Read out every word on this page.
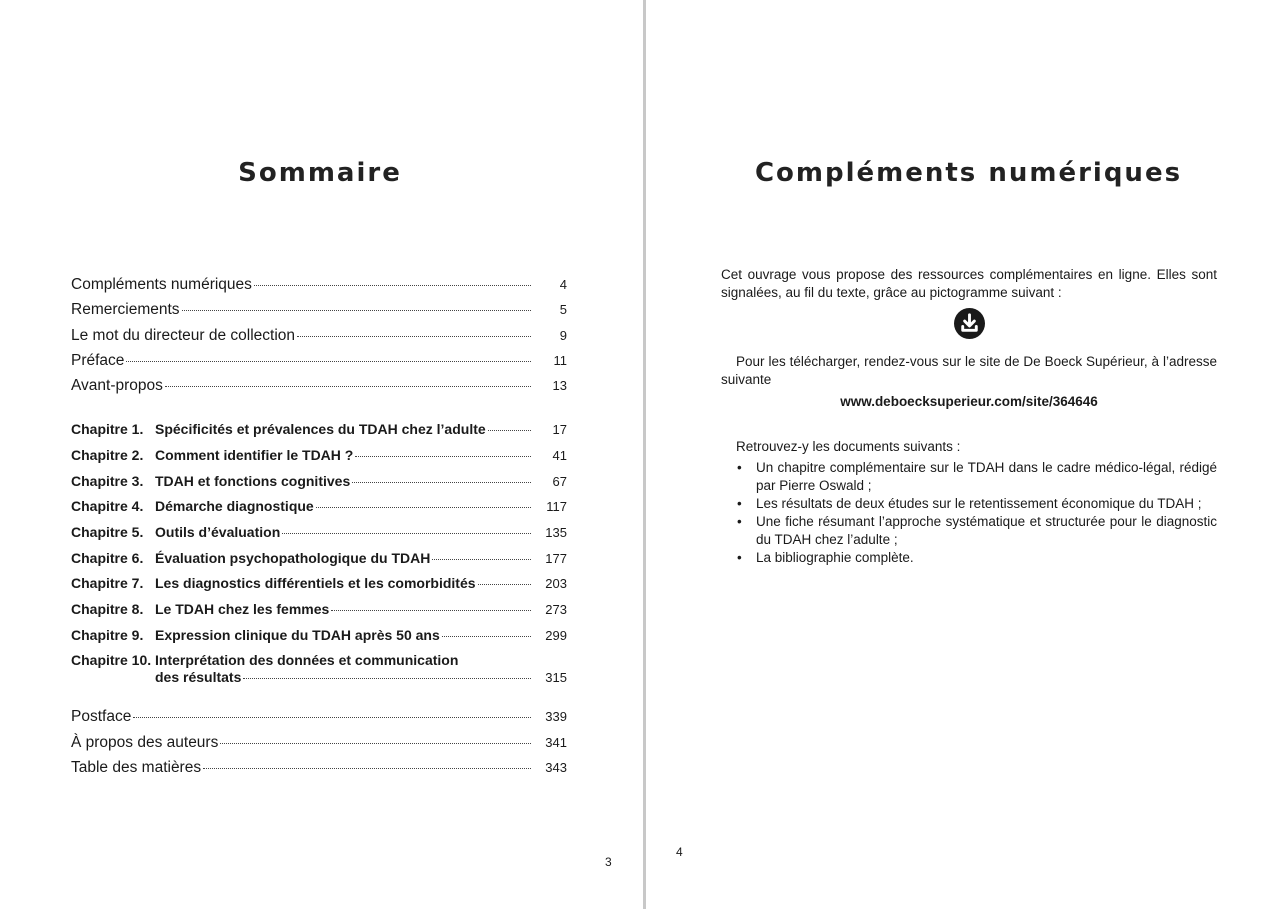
Sommaire
Compléments numériques	4
Remerciements	5
Le mot du directeur de collection	9
Préface	11
Avant-propos	13
Chapitre 1. Spécificités et prévalences du TDAH chez l’adulte	17
Chapitre 2. Comment identifier le TDAH ?	41
Chapitre 3. TDAH et fonctions cognitives	67
Chapitre 4. Démarche diagnostique	117
Chapitre 5. Outils d’évaluation	135
Chapitre 6. Évaluation psychopathologique du TDAH	177
Chapitre 7. Les diagnostics différentiels et les comorbidités	203
Chapitre 8. Le TDAH chez les femmes	273
Chapitre 9. Expression clinique du TDAH après 50 ans	299
Chapitre 10. Interprétation des données et communication
des résultats	315
Postface	339
À propos des auteurs	341
Table des matières	343
3
Compléments numériques

Cet ouvrage vous propose des ressources complémentaires en ligne. Elles sont signalées, au fil du texte, grâce au pictogramme suivant :

Pour les télécharger, rendez-vous sur le site de De Boeck Supérieur, à l’adresse suivante

www.deboecksuperieur.com/site/364646

Retrouvez-y les documents suivants :

• Un chapitre complémentaire sur le TDAH dans le cadre médico-légal, rédigé par Pierre Oswald ;
• Les résultats de deux études sur le retentissement économique du TDAH ;
• Une fiche résumant l’approche systématique et structurée pour le diagnostic du TDAH chez l’adulte ;
• La bibliographie complète.
4
